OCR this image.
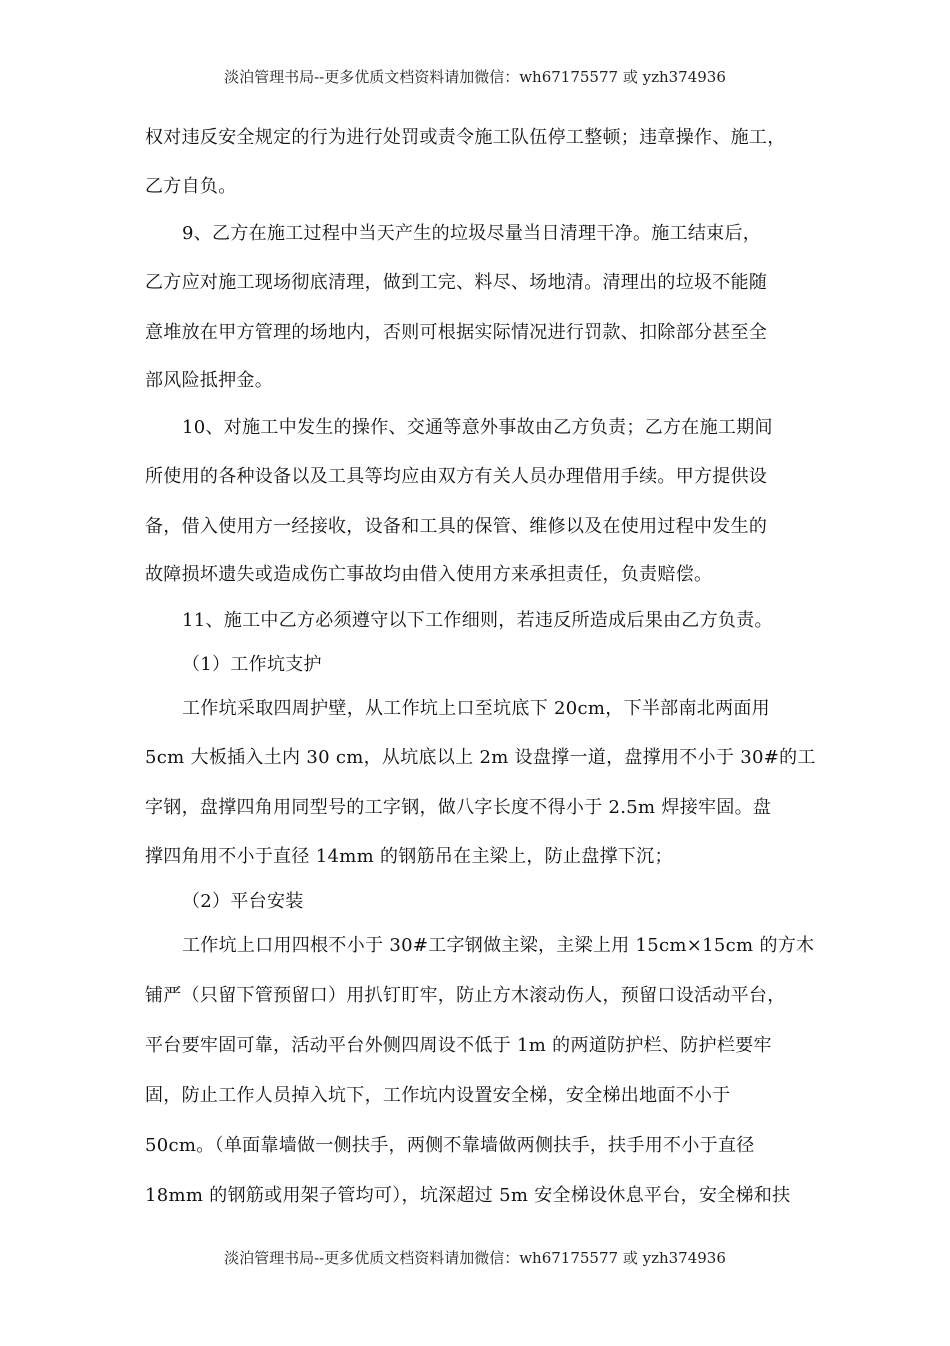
淡泊管理书局--更多优质文档资料请加微信：wh67175577 或 yzh374936
权对违反安全规定的行为进行处罚或责令施工队伍停工整顿；违章操作、施工，
乙方自负。
9、乙方在施工过程中当天产生的垃圾尽量当日清理干净。施工结束后，
乙方应对施工现场彻底清理，做到工完、料尽、场地清。清理出的垃圾不能随
意堆放在甲方管理的场地内，否则可根据实际情况进行罚款、扣除部分甚至全
部风险抵押金。
10、对施工中发生的操作、交通等意外事故由乙方负责；乙方在施工期间
所使用的各种设备以及工具等均应由双方有关人员办理借用手续。甲方提供设
备，借入使用方一经接收，设备和工具的保管、维修以及在使用过程中发生的
故障损坏遗失或造成伤亡事故均由借入使用方来承担责任，负责赔偿。
11、施工中乙方必须遵守以下工作细则，若违反所造成后果由乙方负责。
（1）工作坑支护
工作坑采取四周护壁，从工作坑上口至坑底下 20cm，下半部南北两面用
5cm 大板插入土内 30 cm，从坑底以上 2m 设盘撑一道，盘撑用不小于 30#的工
字钢，盘撑四角用同型号的工字钢，做八字长度不得小于 2.5m 焊接牢固。盘
撑四角用不小于直径 14mm 的钢筋吊在主梁上，防止盘撑下沉；
（2）平台安装
工作坑上口用四根不小于 30#工字钢做主梁，主梁上用 15cm×15cm 的方木
铺严（只留下管预留口）用扒钉盯牢，防止方木滚动伤人，预留口设活动平台，
平台要牢固可靠，活动平台外侧四周设不低于 1m 的两道防护栏、防护栏要牢
固，防止工作人员掉入坑下，工作坑内设置安全梯，安全梯出地面不小于
50cm。（单面靠墙做一侧扶手，两侧不靠墙做两侧扶手，扶手用不小于直径
18mm 的钢筋或用架子管均可），坑深超过 5m 安全梯设休息平台，安全梯和扶
淡泊管理书局--更多优质文档资料请加微信：wh67175577 或 yzh374936
